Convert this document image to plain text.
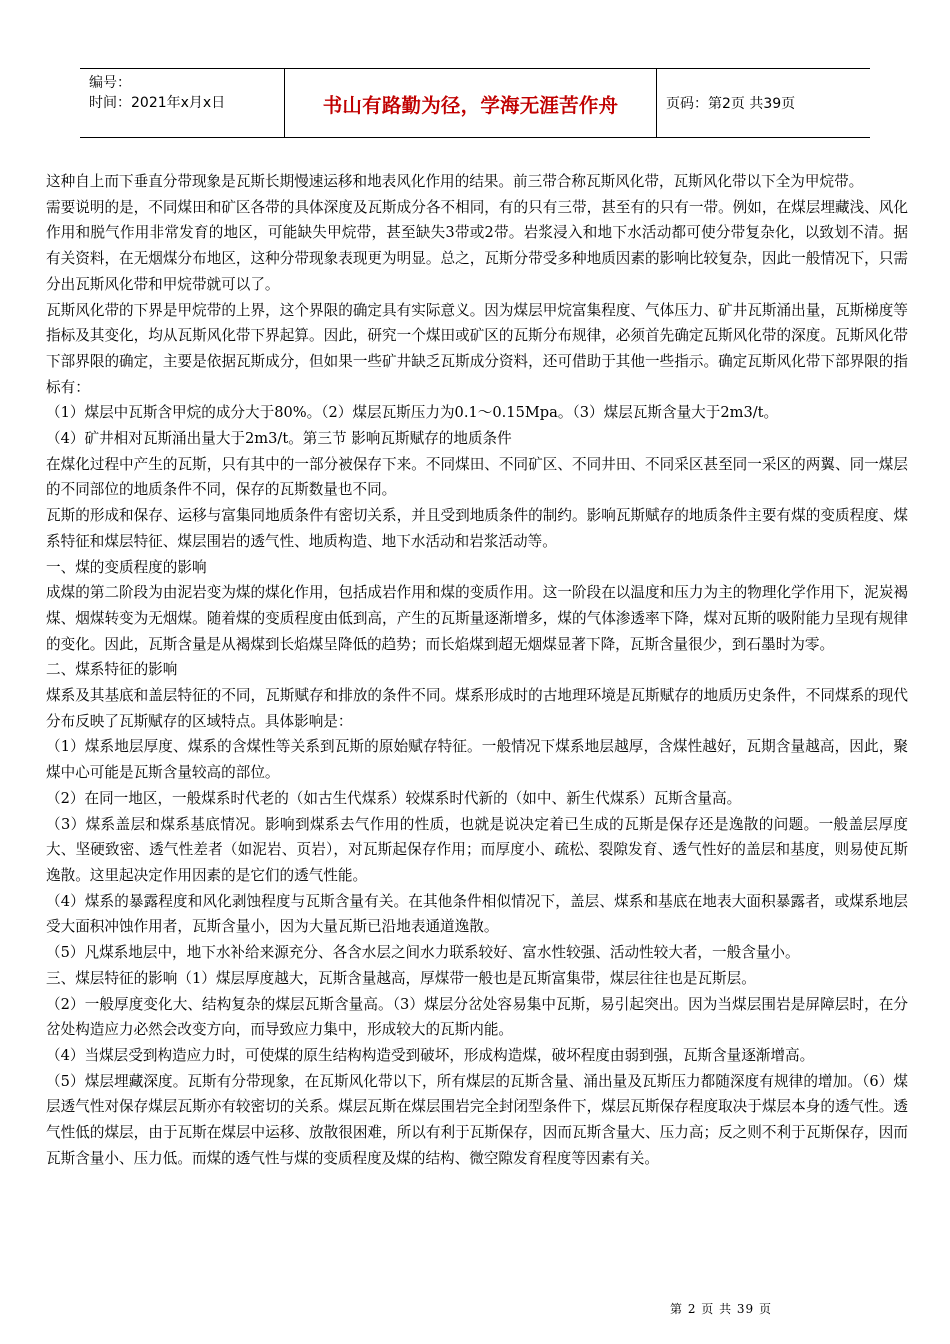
编号：
时间：2021年x月x日	书山有路勤为径，学海无涯苦作舟	页码：第2页 共39页

这种自上而下垂直分带现象是瓦斯长期慢速运移和地表风化作用的结果。前三带合称瓦斯风化带，瓦斯风化带以下全为甲烷带。

需要说明的是，不同煤田和矿区各带的具体深度及瓦斯成分各不相同，有的只有三带，甚至有的只有一带。例如，在煤层埋藏浅、风化作用和脱气作用非常发育的地区，可能缺失甲烷带，甚至缺失3带或2带。岩浆浸入和地下水活动都可使分带复杂化，以致划不清。据有关资料，在无烟煤分布地区，这种分带现象表现更为明显。总之，瓦斯分带受多种地质因素的影响比较复杂，因此一般情况下，只需分出瓦斯风化带和甲烷带就可以了。

瓦斯风化带的下界是甲烷带的上界，这个界限的确定具有实际意义。因为煤层甲烷富集程度、气体压力、矿井瓦斯涌出量，瓦斯梯度等指标及其变化，均从瓦斯风化带下界起算。因此，研究一个煤田或矿区的瓦斯分布规律，必须首先确定瓦斯风化带的深度。瓦斯风化带下部界限的确定，主要是依据瓦斯成分，但如果一些矿井缺乏瓦斯成分资料，还可借助于其他一些指示。确定瓦斯风化带下部界限的指标有：

（1）煤层中瓦斯含甲烷的成分大于80%。（2）煤层瓦斯压力为0.1～0.15Mpa。（3）煤层瓦斯含量大于2m3/t。

（4）矿井相对瓦斯涌出量大于2m3/t。第三节 影响瓦斯赋存的地质条件

在煤化过程中产生的瓦斯，只有其中的一部分被保存下来。不同煤田、不同矿区、不同井田、不同采区甚至同一采区的两翼、同一煤层的不同部位的地质条件不同，保存的瓦斯数量也不同。

瓦斯的形成和保存、运移与富集同地质条件有密切关系，并且受到地质条件的制约。影响瓦斯赋存的地质条件主要有煤的变质程度、煤系特征和煤层特征、煤层围岩的透气性、地质构造、地下水活动和岩浆活动等。

一、煤的变质程度的影响

成煤的第二阶段为由泥岩变为煤的煤化作用，包括成岩作用和煤的变质作用。这一阶段在以温度和压力为主的物理化学作用下，泥炭褐煤、烟煤转变为无烟煤。随着煤的变质程度由低到高，产生的瓦斯量逐渐增多，煤的气体渗透率下降，煤对瓦斯的吸附能力呈现有规律的变化。因此，瓦斯含量是从褐煤到长焰煤呈降低的趋势；而长焰煤到超无烟煤显著下降，瓦斯含量很少，到石墨时为零。

二、煤系特征的影响

煤系及其基底和盖层特征的不同，瓦斯赋存和排放的条件不同。煤系形成时的古地理环境是瓦斯赋存的地质历史条件，不同煤系的现代分布反映了瓦斯赋存的区域特点。具体影响是：

（1）煤系地层厚度、煤系的含煤性等关系到瓦斯的原始赋存特征。一般情况下煤系地层越厚，含煤性越好，瓦期含量越高，因此，聚煤中心可能是瓦斯含量较高的部位。

（2）在同一地区，一般煤系时代老的（如古生代煤系）较煤系时代新的（如中、新生代煤系）瓦斯含量高。

（3）煤系盖层和煤系基底情况。影响到煤系去气作用的性质，也就是说决定着已生成的瓦斯是保存还是逸散的问题。一般盖层厚度大、坚硬致密、透气性差者（如泥岩、页岩），对瓦斯起保存作用；而厚度小、疏松、裂隙发育、透气性好的盖层和基度，则易使瓦斯逸散。这里起决定作用因素的是它们的透气性能。

（4）煤系的暴露程度和风化剥蚀程度与瓦斯含量有关。在其他条件相似情况下，盖层、煤系和基底在地表大面积暴露者，或煤系地层受大面积冲蚀作用者，瓦斯含量小，因为大量瓦斯已沿地表通道逸散。

（5）凡煤系地层中，地下水补给来源充分、各含水层之间水力联系较好、富水性较强、活动性较大者，一般含量小。

三、煤层特征的影响（1）煤层厚度越大，瓦斯含量越高，厚煤带一般也是瓦斯富集带，煤层往往也是瓦斯层。

（2）一般厚度变化大、结构复杂的煤层瓦斯含量高。（3）煤层分岔处容易集中瓦斯，易引起突出。因为当煤层围岩是屏障层时，在分岔处构造应力必然会改变方向，而导致应力集中，形成较大的瓦斯内能。

（4）当煤层受到构造应力时，可使煤的原生结构构造受到破坏，形成构造煤，破坏程度由弱到强，瓦斯含量逐渐增高。

（5）煤层埋藏深度。瓦斯有分带现象，在瓦斯风化带以下，所有煤层的瓦斯含量、涌出量及瓦斯压力都随深度有规律的增加。（6）煤层透气性对保存煤层瓦斯亦有较密切的关系。煤层瓦斯在煤层围岩完全封闭型条件下，煤层瓦斯保存程度取决于煤层本身的透气性。透气性低的煤层，由于瓦斯在煤层中运移、放散很困难，所以有利于瓦斯保存，因而瓦斯含量大、压力高；反之则不利于瓦斯保存，因而瓦斯含量小、压力低。而煤的透气性与煤的变质程度及煤的结构、微空隙发育程度等因素有关。

第 2 页 共 39 页
